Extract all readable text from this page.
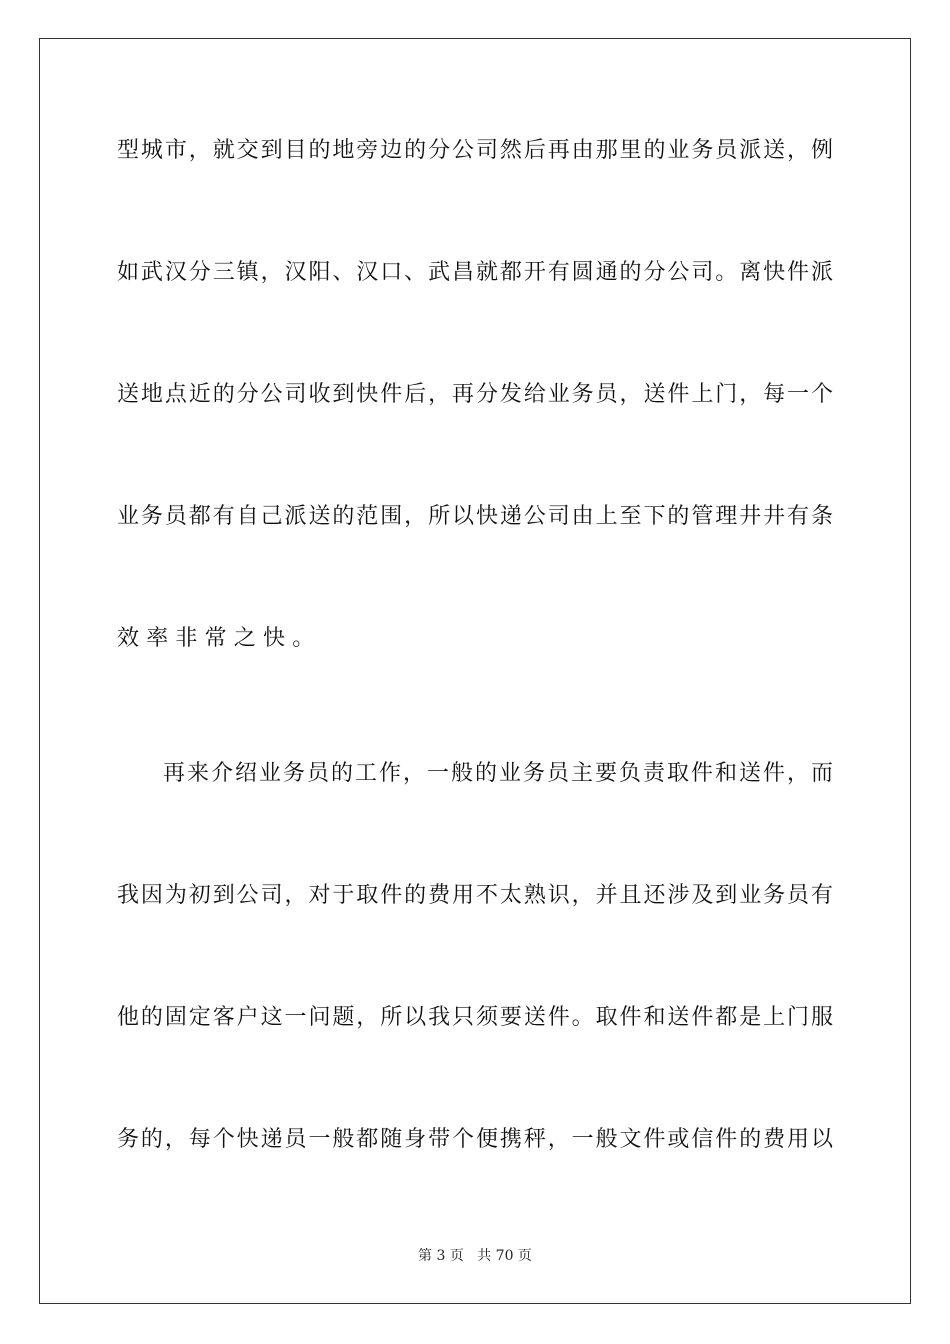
型城市，就交到目的地旁边的分公司然后再由那里的业务员派送，例
如武汉分三镇，汉阳、汉口、武昌就都开有圆通的分公司。离快件派
送地点近的分公司收到快件后，再分发给业务员，送件上门，每一个
业务员都有自己派送的范围，所以快递公司由上至下的管理井井有条
效率非常之快。
再来介绍业务员的工作，一般的业务员主要负责取件和送件，而
我因为初到公司，对于取件的费用不太熟识，并且还涉及到业务员有
他的固定客户这一问题，所以我只须要送件。取件和送件都是上门服
务的，每个快递员一般都随身带个便携秤，一般文件或信件的费用以
第 3 页 共 70 页
